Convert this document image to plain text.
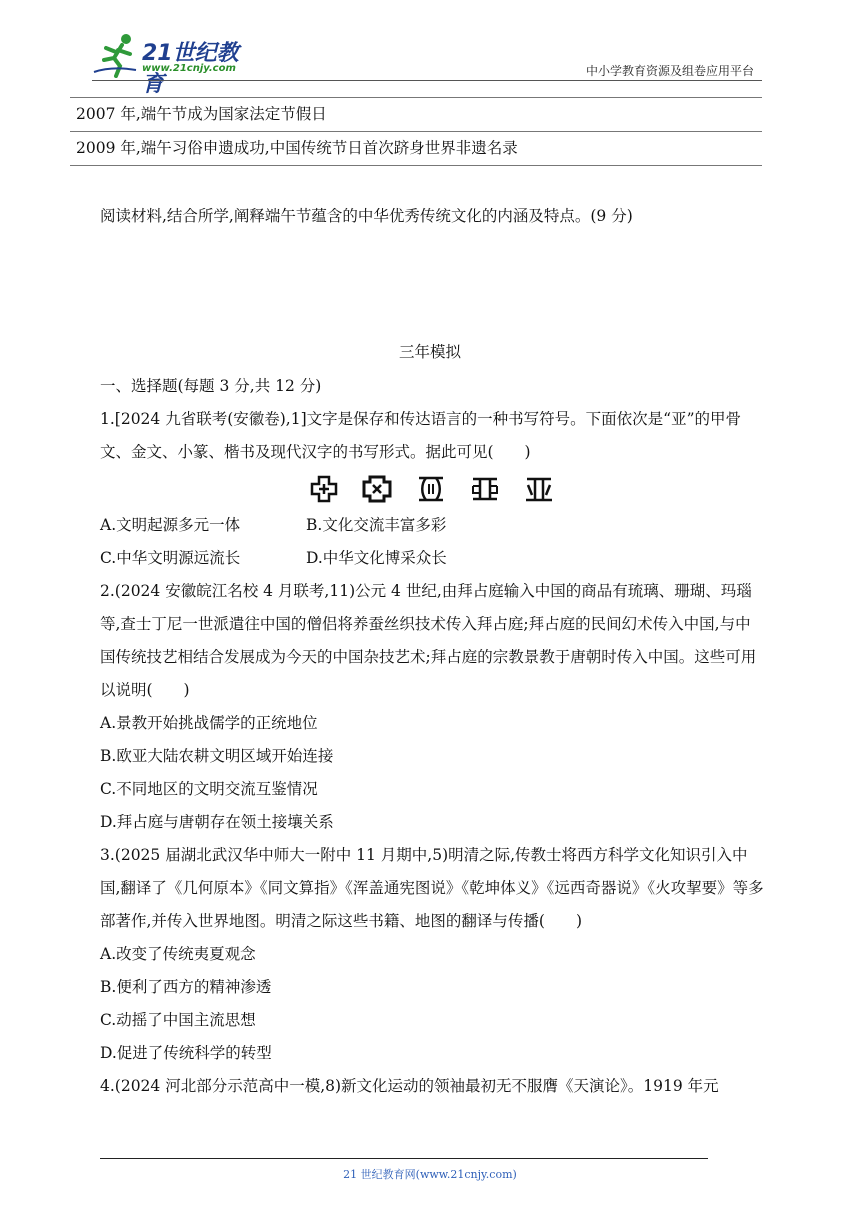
21世纪教育
www.21cnjy.com	中小学教育资源及组卷应用平台
2007 年,端午节成为国家法定节假日
2009 年,端午习俗申遗成功,中国传统节日首次跻身世界非遗名录

阅读材料,结合所学,阐释端午节蕴含的中华优秀传统文化的内涵及特点。(9 分)

三年模拟

一、选择题(每题 3 分,共 12 分)

1.[2024 九省联考(安徽卷),1]文字是保存和传达语言的一种书写符号。下面依次是“亚”的甲骨文、金文、小篆、楷书及现代汉字的书写形式。据此可见(　　)

A.文明起源多元一体	B.文化交流丰富多彩
C.中华文明源远流长	D.中华文化博采众长

2.(2024 安徽皖江名校 4 月联考,11)公元 4 世纪,由拜占庭输入中国的商品有琉璃、珊瑚、玛瑙等,查士丁尼一世派遣往中国的僧侣将养蚕丝织技术传入拜占庭;拜占庭的民间幻术传入中国,与中国传统技艺相结合发展成为今天的中国杂技艺术;拜占庭的宗教景教于唐朝时传入中国。这些可用以说明(　　)

A.景教开始挑战儒学的正统地位
B.欧亚大陆农耕文明区域开始连接
C.不同地区的文明交流互鉴情况
D.拜占庭与唐朝存在领土接壤关系

3.(2025 届湖北武汉华中师大一附中 11 月期中,5)明清之际,传教士将西方科学文化知识引入中国,翻译了《几何原本》《同文算指》《浑盖通宪图说》《乾坤体义》《远西奇器说》《火攻挈要》等多部著作,并传入世界地图。明清之际这些书籍、地图的翻译与传播(　　)

A.改变了传统夷夏观念
B.便利了西方的精神渗透
C.动摇了中国主流思想
D.促进了传统科学的转型

4.(2024 河北部分示范高中一模,8)新文化运动的领袖最初无不服膺《天演论》。1919 年元

21 世纪教育网(www.21cnjy.com)
